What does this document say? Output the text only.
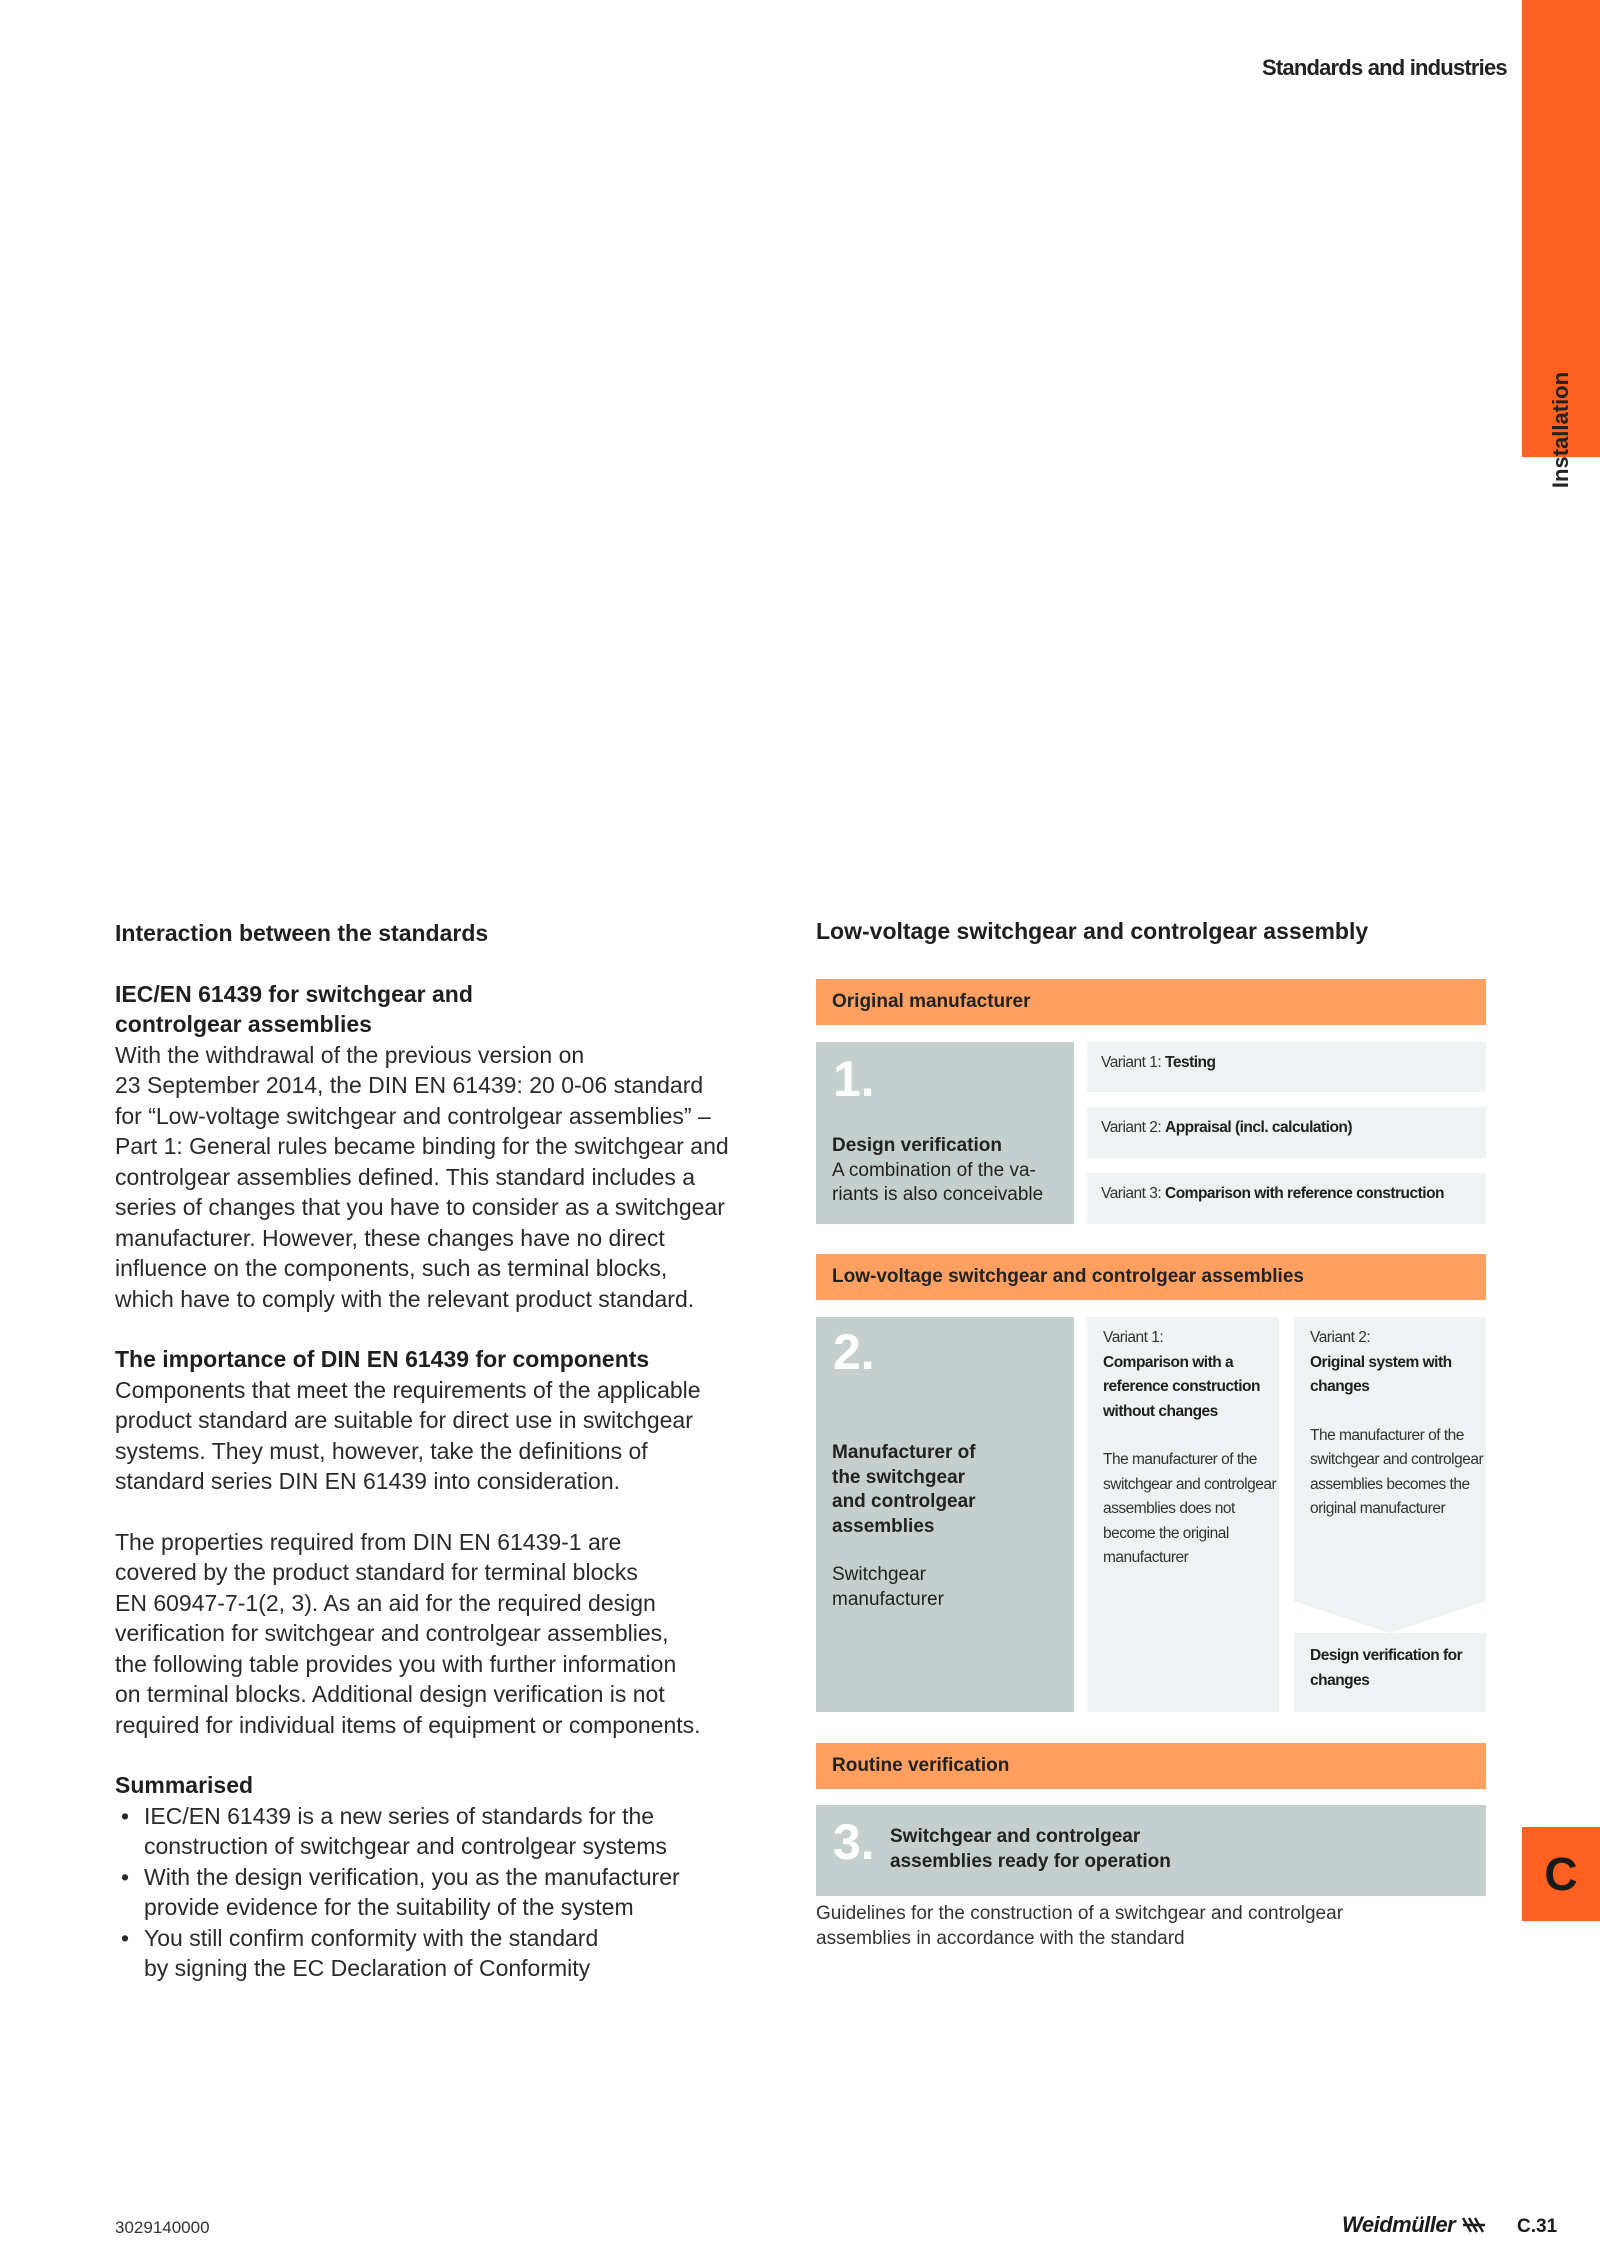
Standards and industries
Installation
C
Interaction between the standards
IEC/EN 61439 for switchgear and
controlgear assemblies

With the withdrawal of the previous version on

23 September 2014, the DIN EN 61439: 20 0-06 standard

for “Low-voltage switchgear and controlgear assemblies” –

Part 1: General rules became binding for the switchgear and

controlgear assemblies defined. This standard includes a

series of changes that you have to consider as a switchgear

manufacturer. However, these changes have no direct

influence on the components, such as terminal blocks,

which have to comply with the relevant product standard.

The importance of DIN EN 61439 for components

Components that meet the requirements of the applicable

product standard are suitable for direct use in switchgear

systems. They must, however, take the definitions of

standard series DIN EN 61439 into consideration.

The properties required from DIN EN 61439-1 are

covered by the product standard for terminal blocks

EN 60947-7-1(2, 3). As an aid for the required design

verification for switchgear and controlgear assemblies,

the following table provides you with further information

on terminal blocks. Additional design verification is not

required for individual items of equipment or components.

Summarised
• IEC/EN 61439 is a new series of standards for the
construction of switchgear and controlgear systems
• With the design verification, you as the manufacturer
provide evidence for the suitability of the system
• You still confirm conformity with the standard
by signing the EC Declaration of Conformity
Low-voltage switchgear and controlgear assembly
Original manufacturer
1.
Design verification
A combination of the va-
riants is also conceivable
Variant 1: Testing
Variant 2: Appraisal (incl. calculation)
Variant 3: Comparison with reference construction
Low-voltage switchgear and controlgear assemblies
2.
Manufacturer of
the switchgear
and controlgear
assemblies
Switchgear
manufacturer
Variant 1:
Comparison with a
reference construction
without changes
The manufacturer of the
switchgear and controlgear
assemblies does not
become the original
manufacturer
Variant 2:
Original system with
changes
The manufacturer of the
switchgear and controlgear
assemblies becomes the
original manufacturer
Design verification for
changes
Routine verification
3. Switchgear and controlgear
assemblies ready for operation
Guidelines for the construction of a switchgear and controlgear
assemblies in accordance with the standard
3029140000	Weidmüller	C.31
